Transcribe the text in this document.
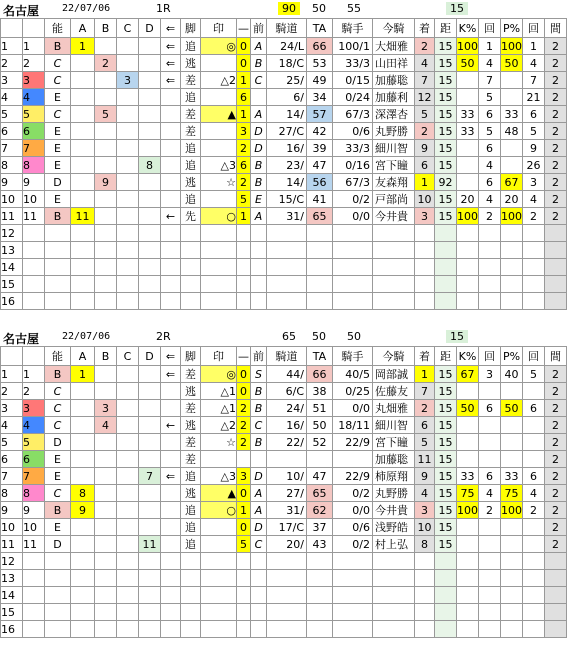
名古屋 22/07/06	1R	90	50	55	15
		能	A	B	C	D	⇐	脚	印	—	前	騎道	TA	騎手	今騎	着	距	K%	回	P%	回	間
1	1	B	1				⇐	追	◎	0	A	24/L	66	100/1	大畑雅	2	15	100	1	100	1	2
2	2	C		2			⇐	逃		0	B	18/C	53	33/3	山田祥	4	15	50	4	50	4	2
3	3	C			3		⇐	差	△2	1	C	25/	49	0/15	加藤聡	7	15		7		7	2
4	4	E						追		6		6/	34	0/24	加藤利	12	15		5		21	2
5	5	C		5				差	▲	1	A	14/	57	67/3	深澤杏	5	15	33	6	33	6	2
6	6	E						差		3	D	27/C	42	0/6	丸野勝	2	15	33	5	48	5	2
7	7	E						追		2	D	16/	39	33/3	細川智	9	15		6		9	2
8	8	E				8		追	△3	6	B	23/	47	0/16	宮下瞳	6	15		4		26	2
9	9	D		9				逃	☆	2	B	14/	56	67/3	友森翔	1	92		6	67	3	2
10	10	E						追		5	E	15/C	41	0/2	戸部尚	10	15	20	4	20	4	2
11	11	B	11				←	先	○	1	A	31/	65	0/0	今井貴	3	15	100	2	100	2	2
12																						
13																						
14																						
15																						
16																						
名古屋 22/07/06	2R	65	50	50	15
		能	A	B	C	D	⇐	脚	印	—	前	騎道	TA	騎手	今騎	着	距	K%	回	P%	回	間
1	1	B	1				⇐	差	◎	0	S	44/	66	40/5	岡部誠	1	15	67	3	40	5	2
2	2	C						逃	△1	0	B	6/C	38	0/25	佐藤友	7	15					2
3	3	C		3				差	△1	2	B	24/	51	0/0	丸畑雅	2	15	50	6	50	6	2
4	4	C		4			←	逃	△2	2	C	16/	50	18/11	細川智	6	15					2
5	5	D						差	☆	2	B	22/	52	22/9	宮下瞳	5	15					2
6	6	E						差							加藤聡	11	15					2
7	7	E				7	⇐	追	△3	3	D	10/	47	22/9	柿原翔	9	15	33	6	33	6	2
8	8	C	8					逃	▲	0	A	27/	65	0/2	丸野勝	4	15	75	4	75	4	2
9	9	B	9					追	○	1	A	31/	62	0/0	今井貴	3	15	100	2	100	2	2
10	10	E						追		0	D	17/C	37	0/6	浅野皓	10	15					2
11	11	D				11		追		5	C	20/	43	0/2	村上弘	8	15					2
12																						
13																						
14																						
15																						
16																						
